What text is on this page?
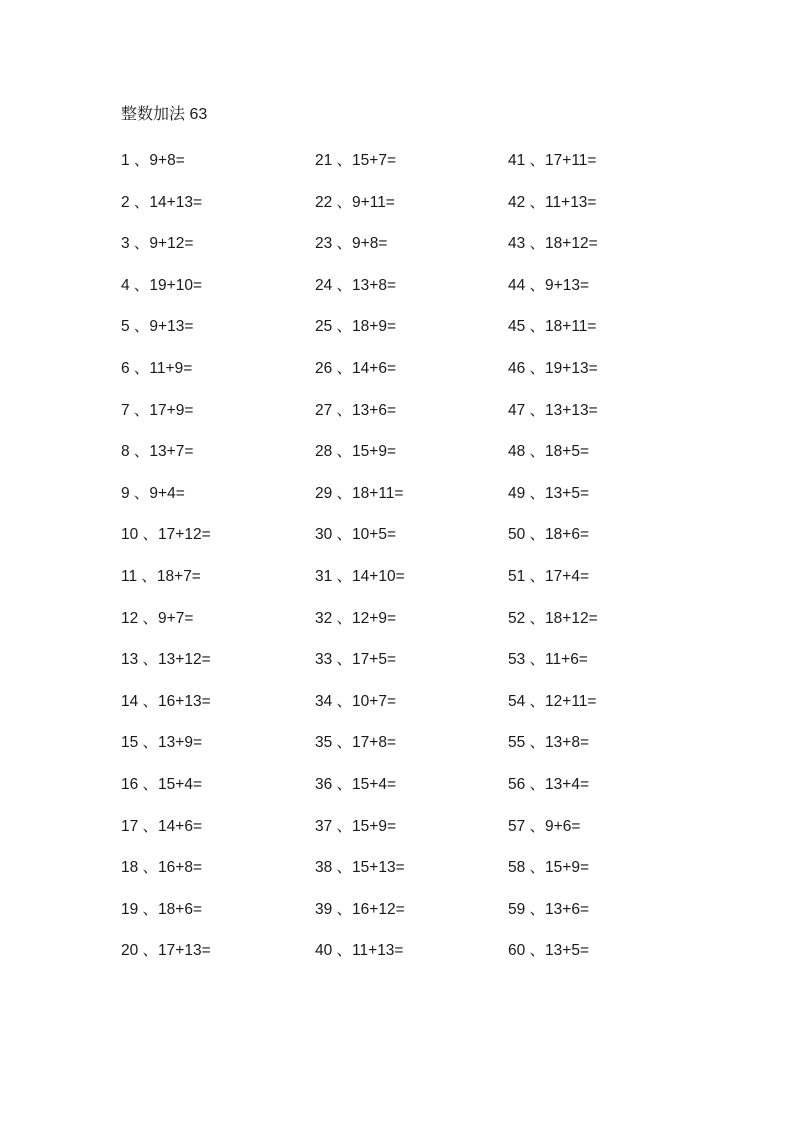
整数加法 63
1 、9+8=
2 、14+13=
3 、9+12=
4 、19+10=
5 、9+13=
6 、11+9=
7 、17+9=
8 、13+7=
9 、9+4=
10 、17+12=
11 、18+7=
12 、9+7=
13 、13+12=
14 、16+13=
15 、13+9=
16 、15+4=
17 、14+6=
18 、16+8=
19 、18+6=
20 、17+13=
21 、15+7=
22 、9+11=
23 、9+8=
24 、13+8=
25 、18+9=
26 、14+6=
27 、13+6=
28 、15+9=
29 、18+11=
30 、10+5=
31 、14+10=
32 、12+9=
33 、17+5=
34 、10+7=
35 、17+8=
36 、15+4=
37 、15+9=
38 、15+13=
39 、16+12=
40 、11+13=
41 、17+11=
42 、11+13=
43 、18+12=
44 、9+13=
45 、18+11=
46 、19+13=
47 、13+13=
48 、18+5=
49 、13+5=
50 、18+6=
51 、17+4=
52 、18+12=
53 、11+6=
54 、12+11=
55 、13+8=
56 、13+4=
57 、9+6=
58 、15+9=
59 、13+6=
60 、13+5=
